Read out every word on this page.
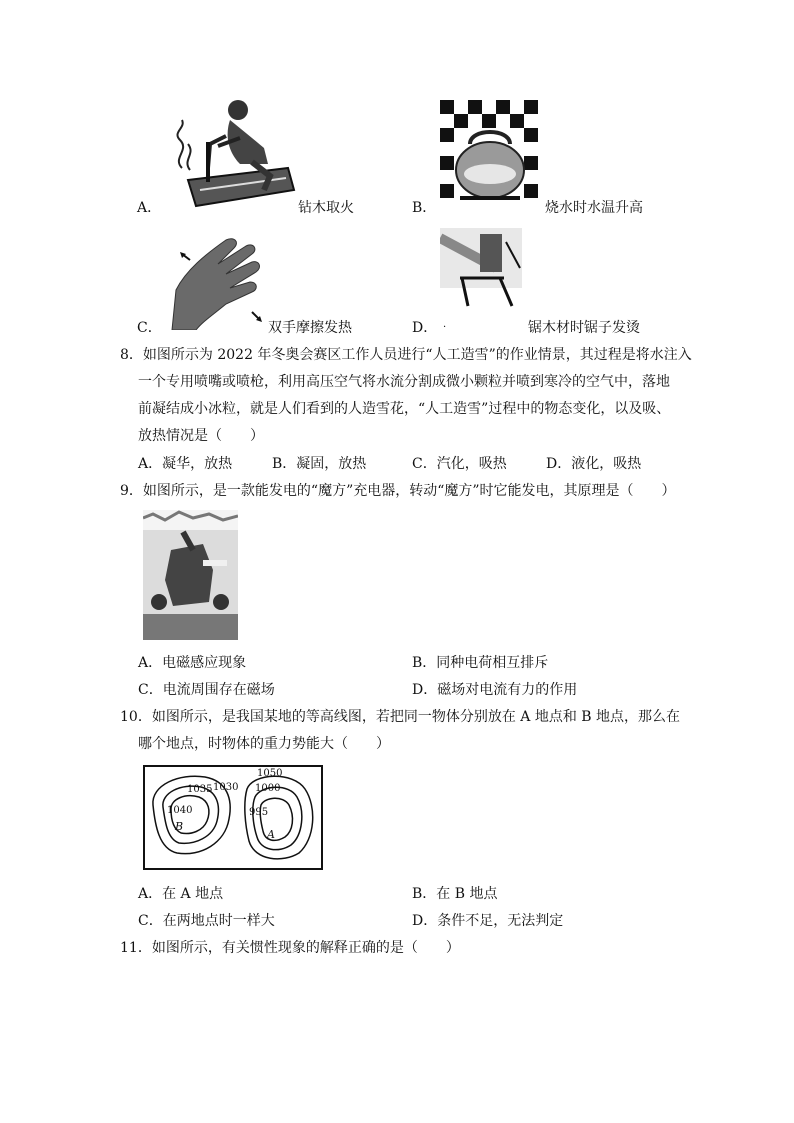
A．	钻木取火	B．	烧水时水温升高
C．	双手摩擦发热	D． ·	锯木材时锯子发烫
8．如图所示为 2022 年冬奥会赛区工作人员进行“人工造雪”的作业情景，其过程是将水注入
一个专用喷嘴或喷枪，利用高压空气将水流分割成微小颗粒并喷到寒冷的空气中，落地
前凝结成小冰粒，就是人们看到的人造雪花，“人工造雪”过程中的物态变化，以及吸、
放热情况是（　　）
A．凝华，放热	B．凝固，放热	C．汽化，吸热	D．液化，吸热
9．如图所示，是一款能发电的“魔方”充电器，转动“魔方”时它能发电，其原理是（　　）
A．电磁感应现象	B．同种电荷相互排斥
C．电流周围存在磁场	D．磁场对电流有力的作用
10．如图所示，是我国某地的等高线图，若把同一物体分别放在 A 地点和 B 地点，那么在
哪个地点，时物体的重力势能大（　　）
1050
1035 1030 1000
1040	995
B
A
A．在 A 地点	B．在 B 地点
C．在两地点时一样大	D．条件不足，无法判定
11．如图所示，有关惯性现象的解释正确的是（　　）
